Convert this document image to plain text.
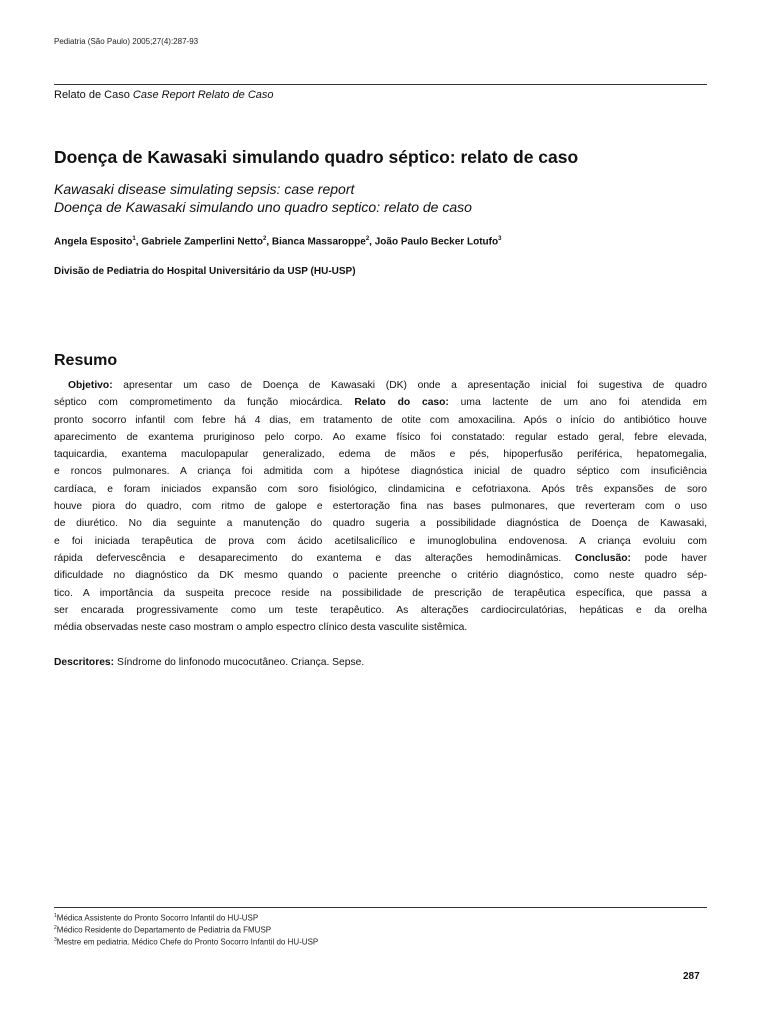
Pediatria (São Paulo) 2005;27(4):287-93
Relato de Caso Case Report Relato de Caso
Doença de Kawasaki simulando quadro séptico: relato de caso
Kawasaki disease simulating sepsis: case report
Doença de Kawasaki simulando uno quadro septico: relato de caso
Angela Esposito$^1$, Gabriele Zamperlini Netto$^2$, Bianca Massaroppe$^2$, João Paulo Becker Lotufo$^3$
Divisão de Pediatria do Hospital Universitário da USP (HU-USP)
Resumo
Objetivo: apresentar um caso de Doença de Kawasaki (DK) onde a apresentação inicial foi sugestiva de quadro
séptico com comprometimento da função miocárdica. Relato do caso: uma lactente de um ano foi atendida em
pronto socorro infantil com febre há 4 dias, em tratamento de otite com amoxacilina. Após o início do antibiótico houve
aparecimento de exantema pruriginoso pelo corpo. Ao exame físico foi constatado: regular estado geral, febre elevada,
taquicardia, exantema maculopapular generalizado, edema de mãos e pés, hipoperfusão periférica, hepatomegalia,
e roncos pulmonares. A criança foi admitida com a hipótese diagnóstica inicial de quadro séptico com insuficiência
cardíaca, e foram iniciados expansão com soro fisiológico, clindamicina e cefotriaxona. Após três expansões de soro
houve piora do quadro, com ritmo de galope e estertoração fina nas bases pulmonares, que reverteram com o uso
de diurético. No dia seguinte a manutenção do quadro sugeria a possibilidade diagnóstica de Doença de Kawasaki,
e foi iniciada terapêutica de prova com ácido acetilsalicílico e imunoglobulina endovenosa. A criança evoluiu com
rápida defervescência e desaparecimento do exantema e das alterações hemodinâmicas. Conclusão: pode haver
dificuldade no diagnóstico da DK mesmo quando o paciente preenche o critério diagnóstico, como neste quadro sép-
tico. A importância da suspeita precoce reside na possibilidade de prescrição de terapêutica específica, que passa a
ser encarada progressivamente como um teste terapêutico. As alterações cardiocirculatórias, hepáticas e da orelha
média observadas neste caso mostram o amplo espectro clínico desta vasculite sistêmica.
Descritores: Síndrome do linfonodo mucocutâneo. Criança. Sepse.
$^1$Médica Assistente do Pronto Socorro Infantil do HU-USP
$^2$Médico Residente do Departamento de Pediatria da FMUSP
$^3$Mestre em pediatria. Médico Chefe do Pronto Socorro Infantil do HU-USP
287
